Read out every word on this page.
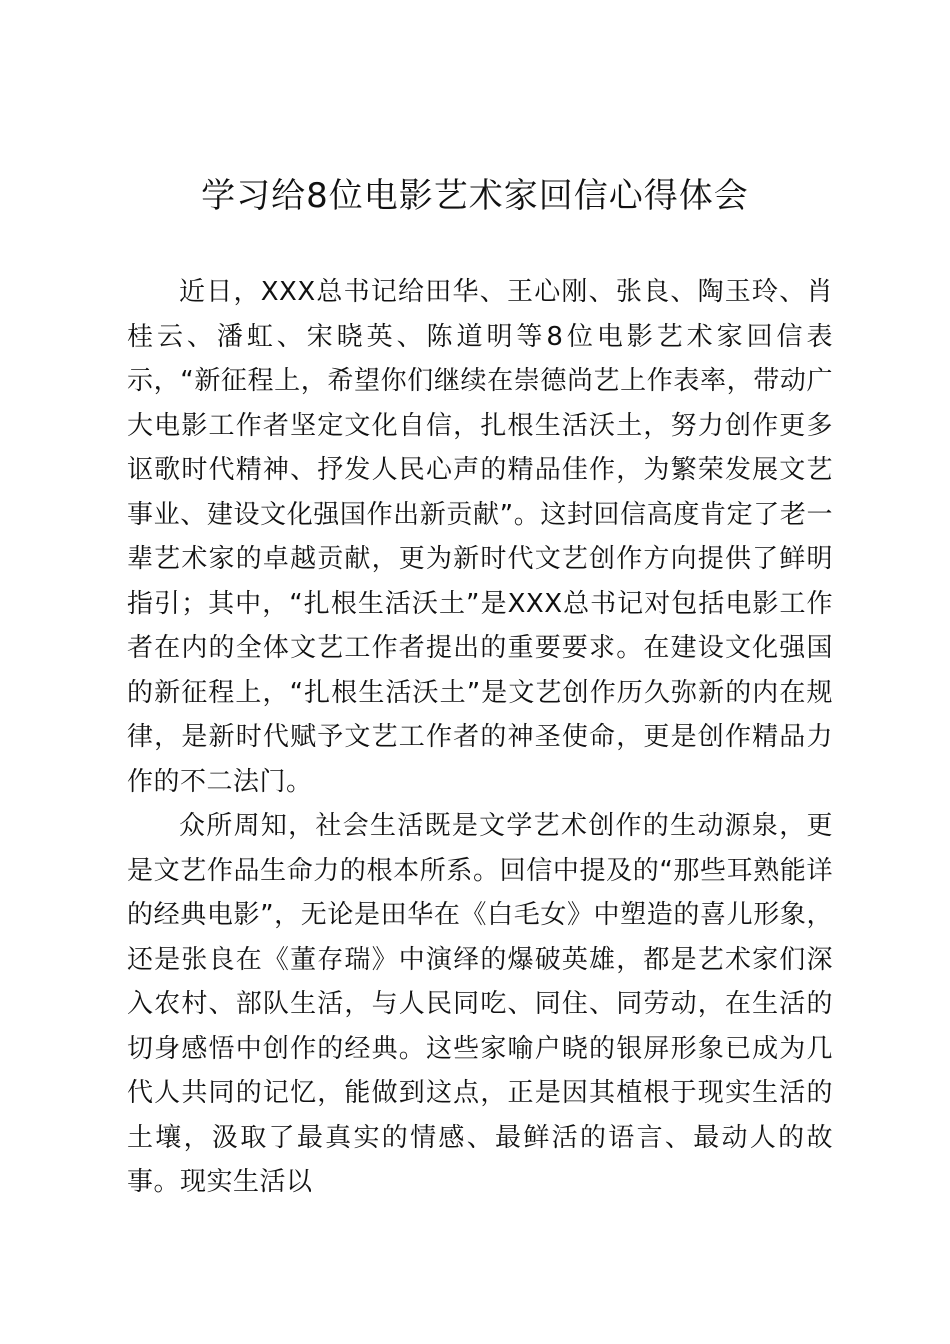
学习给8位电影艺术家回信心得体会

近日，XXX总书记给田华、王心刚、张良、陶玉玲、肖桂云、潘虹、宋晓英、陈道明等8位电影艺术家回信表示，“新征程上，希望你们继续在崇德尚艺上作表率，带动广大电影工作者坚定文化自信，扎根生活沃土，努力创作更多讴歌时代精神、抒发人民心声的精品佳作，为繁荣发展文艺事业、建设文化强国作出新贡献”。这封回信高度肯定了老一辈艺术家的卓越贡献，更为新时代文艺创作方向提供了鲜明指引；其中，“扎根生活沃土”是XXX总书记对包括电影工作者在内的全体文艺工作者提出的重要要求。在建设文化强国的新征程上，“扎根生活沃土”是文艺创作历久弥新的内在规律，是新时代赋予文艺工作者的神圣使命，更是创作精品力作的不二法门。

众所周知，社会生活既是文学艺术创作的生动源泉，更是文艺作品生命力的根本所系。回信中提及的“那些耳熟能详的经典电影”，无论是田华在《白毛女》中塑造的喜儿形象，还是张良在《董存瑞》中演绎的爆破英雄，都是艺术家们深入农村、部队生活，与人民同吃、同住、同劳动，在生活的切身感悟中创作的经典。这些家喻户晓的银屏形象已成为几代人共同的记忆，能做到这点，正是因其植根于现实生活的土壤，汲取了最真实的情感、最鲜活的语言、最动人的故事。现实生活以
